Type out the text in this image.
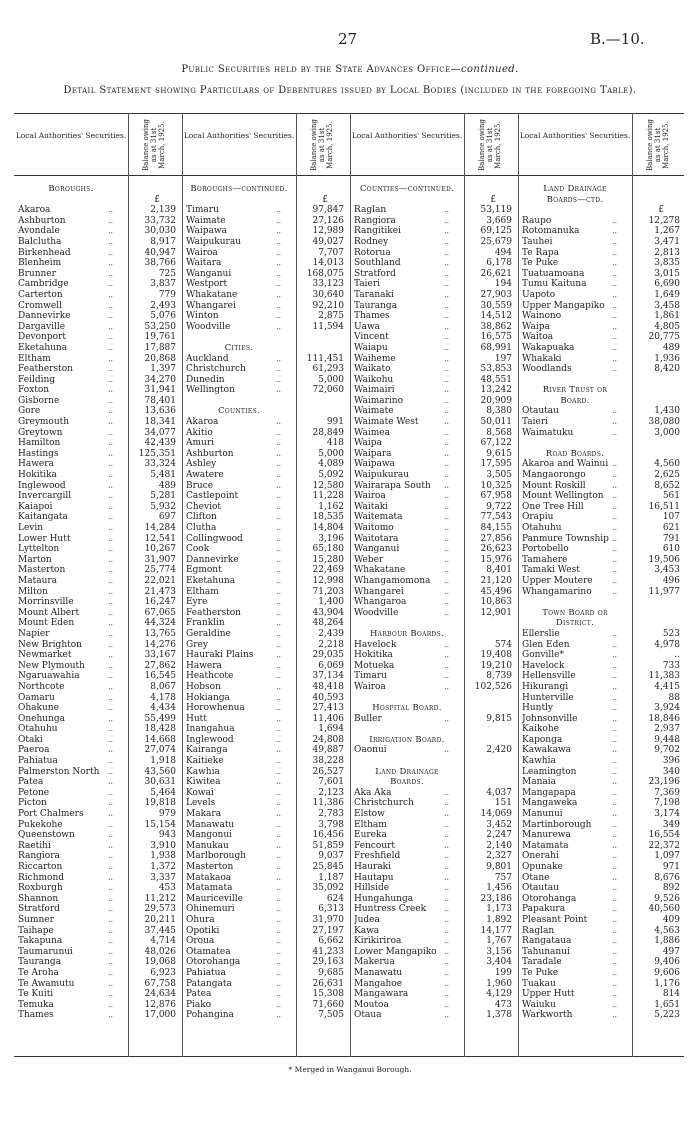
27	B.—10.
Public Securities held by the State Advances Office—continued.
Detail Statement showing Particulars of Debentures issued by Local Bodies (included in the foregoing Table).
Local Authorities' Securities. Balance owing as at 31st March, 1925.
Boroughs.
£
Akaroa	..	2,139
Ashburton	..	33,732
Avondale	..	30,030
Balclutha	..	8,917
Birkenhead	..	40,947
Blenheim	..	38,766
Brunner	..	725
Cambridge	..	3,837
Carterton	..	779
Cromwell	..	2,493
Dannevirke	..	5,076
Dargaville	..	53,250
Devonport	..	19,761
Eketahuna	..	17,887
Eltham	..	20,868
Featherston	..	1,397
Feilding	..	34,270
Foxton	..	31,941
Gisborne	..	78,401
Gore	..	13,636
Greymouth	..	18,341
Greytown	..	34,077
Hamilton	..	42,439
Hastings	..	125,351
Hawera	..	33,324
Hokitika	..	5,481
Inglewood	..	489
Invercargill	..	5,281
Kaiapoi	..	5,932
Kaitangata	..	697
Levin	..	14,284
Lower Hutt	..	12,541
Lyttelton	..	10,267
Marton	..	31,907
Masterton	..	25,774
Mataura	..	22,021
Milton	..	21,473
Morrinsville	..	16,247
Mount Albert	..	67,065
Mount Eden	..	44,324
Napier	..	13,765
New Brighton	..	14,276
Newmarket	..	33,167
New Plymouth	..	27,862
Ngaruawahia	..	16,545
Northcote	..	8,067
Oamaru	..	4,178
Ohakune	..	4,434
Onehunga	..	55,499
Otahuhu	..	18,428
Otaki	..	14,668
Paeroa	..	27,074
Pahiatua	..	1,918
Palmerston North	..	43,560
Patea	..	30,631
Petone	..	5,464
Picton	..	19,818
Port Chalmers	..	979
Pukekohe	..	15,154
Queenstown	..	943
Raetihi	..	3,910
Rangiora	..	1,938
Riccarton	..	1,372
Richmond	..	3,337
Roxburgh	..	453
Shannon	..	11,212
Stratford	..	29,573
Sumner	..	20,211
Taihape	..	37,445
Takapuna	..	4,714
Taumarunui	..	48,026
Tauranga	..	19,068
Te Aroha	..	6,923
Te Awamutu	..	67,758
Te Kuiti	..	24,634
Temuka	..	12,876
Thames	..	17,000
Local Authorities' Securities. Balance owing as at 31st March, 1925.
Boroughs—continued.
£
Timaru	..	97,847
Waimate	..	27,126
Waipawa	..	12,989
Waipukurau	..	49,027
Wairoa	..	7,707
Waitara	..	14,013
Wanganui	..	168,075
Westport	..	33,123
Whakatane	..	30,640
Whangarei	..	92,210
Winton	..	2,875
Woodville	..	11,594
Cities.
Auckland	..	111,451
Christchurch	..	61,293
Dunedin	..	5,000
Wellington	..	72,060
Counties.
Akaroa	..	991
Akitio	..	28,849
Amuri	..	418
Ashburton	..	5,000
Ashley	..	4,089
Awatere	..	5,092
Bruce	..	12,580
Castlepoint	..	11,228
Cheviot	..	1,162
Clifton	..	18,535
Clutha	..	14,804
Collingwood	..	3,196
Cook	..	65,180
Dannevirke	..	15,280
Egmont	..	22,469
Eketahuna	..	12,998
Eltham	..	71,203
Eyre	..	1,400
Featherston	..	43,904
Franklin	..	48,264
Geraldine	..	2,439
Grey	..	2,218
Hauraki Plains	..	29,035
Hawera	..	6,069
Heathcote	..	37,134
Hobson	..	48,418
Hokianga	..	40,593
Horowhenua	..	27,413
Hutt	..	11,406
Inangahua	..	1,694
Inglewood	..	24,808
Kairanga	..	49,887
Kaitieke	..	38,228
Kawhia	..	26,527
Kiwitea	..	7,601
Kowai	..	2,123
Levels	..	11,386
Makara	..	2,783
Manawatu	..	3,798
Mangonui	..	16,456
Manukau	..	51,859
Marlborough	..	9,037
Masterton	..	25,845
Matakaoa	..	1,187
Matamata	..	35,092
Mauriceville	..	624
Ohinemuri	..	6,313
Ohura	..	31,970
Opotiki	..	27,197
Oroua	..	6,662
Otamatea	..	41,233
Otorohanga	..	29,163
Pahiatua	..	9,685
Patangata	..	26,631
Patea	..	15,308
Piako	..	71,660
Pohangina	..	7,505
Local Authorities' Securities. Balance owing as at 31st March, 1925.
Counties—continued.
£
Raglan	..	53,119
Rangiora	..	3,669
Rangitikei	..	69,125
Rodney	..	25,679
Rotorua	..	494
Southland	..	6,178
Stratford	..	26,621
Taieri	..	194
Taranaki	..	27,903
Tauranga	..	30,559
Thames	..	14,512
Uawa	..	38,862
Vincent	..	16,575
Waiapu	..	68,991
Waiheme	..	197
Waikato	..	53,853
Waikohu	..	48,551
Waimairi	..	13,242
Waimarino	..	20,909
Waimate	..	8,380
Waimate West	..	50,011
Waimea	..	8,568
Waipa	..	67,122
Waipara	..	9,615
Waipawa	..	17,595
Waipukurau	..	3,505
Wairarapa South	..	10,325
Wairoa	..	67,958
Waitaki	..	9,722
Waitemata	..	77,543
Waitomo	..	84,155
Waitotara	..	27,856
Wanganui	..	26,623
Weber	..	15,976
Whakatane	..	8,401
Whangamomona	..	21,120
Whangarei	..	45,496
Whangaroa	..	10,863
Woodville	..	12,901
Harbour Boards.
Havelock	..	574
Hokitika	..	19,408
Motueka	..	19,210
Timaru	..	8,739
Wairoa	..	102,526
Hospital Board.
Buller	..	9,815
Irrigation Board.
Oaonui	..	2,420
Land Drainage
Boards.
Aka Aka	..	4,037
Christchurch	..	151
Elstow	..	14,069
Eltham	..	3,452
Eureka	..	2,247
Fencourt	..	2,140
Freshfield	..	2,327
Hauraki	..	9,801
Hautapu	..	757
Hillside	..	1,456
Hungahunga	..	23,186
Huntress Creek	..	1,173
Judea	..	1,892
Kawa	..	14,177
Kirikiriroa	..	1,767
Lower Mangapiko ..	3,156
Makerua	..	3,404
Manawatu	..	199
Mangahoe	..	1,960
Mangawara	..	4,129
Moutoa	..	473
Otaua	..	1,378
Local Authorities' Securities. Balance owing as at 31st March, 1925.
Land Drainage
Boards—ctd.
£
Raupo	..	12,278
Rotomanuka	..	1,267
Tauhei	..	3,471
Te Rapa	..	2,813
Te Puke	..	3,835
Tuatuamoana	..	3,015
Tumu Kaituna	..	6,690
Uapoto	..	1,649
Upper Mangapiko ..	3,458
Wainono	..	1,861
Waipa	..	4,805
Waitoa	..	20,775
Wakapuaka	..	489
Whakaki	..	1,936
Woodlands	..	8,420
River Trust or
Board.
Otautau	..	1,430
Taieri	..	38,080
Waimatuku	..	3,000
Road Boards.
Akaroa and Wainui ..	4,560
Mangaorongo	..	2,625
Mount Roskill	..	8,652
Mount Wellington	..	561
One Tree Hill	..	16,511
Orapiu	..	107
Otahuhu	..	621
Panmure Township ..	791
Portobello	..	610
Tamahere	..	19,506
Tamaki West	..	3,453
Upper Moutere	..	496
Whangamarino	..	11,977
Town Board or
District.
Ellerslie	..	523
Glen Eden	..	4,978
Gonville*	..	..
Havelock	..	733
Hellensville	..	11,383
Hikurangi	..	4,415
Hunterville	..	88
Huntly	..	3,924
Johnsonville	..	18,846
Kaikohe	..	2,937
Kaponga	..	9,448
Kawakawa	..	9,702
Kawhia	..	396
Leamington	..	340
Manaia	..	23,196
Mangapapa	..	7,369
Mangaweka	..	7,198
Manunui	..	3,174
Martinborough	..	349
Manurewa	..	16,554
Matamata	..	22,372
Onerahi	..	1,097
Opunake	..	971
Otane	..	8,676
Otautau	..	892
Otorohanga	..	9,526
Papakura	..	40,560
Pleasant Point	..	409
Raglan	..	4,563
Rangataua	..	1,886
Tahunanui	..	497
Taradale	..	9,406
Te Puke	..	9,606
Tuakau	..	1,176
Upper Hutt	..	814
Waiuku	..	1,651
Warkworth	..	5,223
* Merged in Wanganui Borough.
